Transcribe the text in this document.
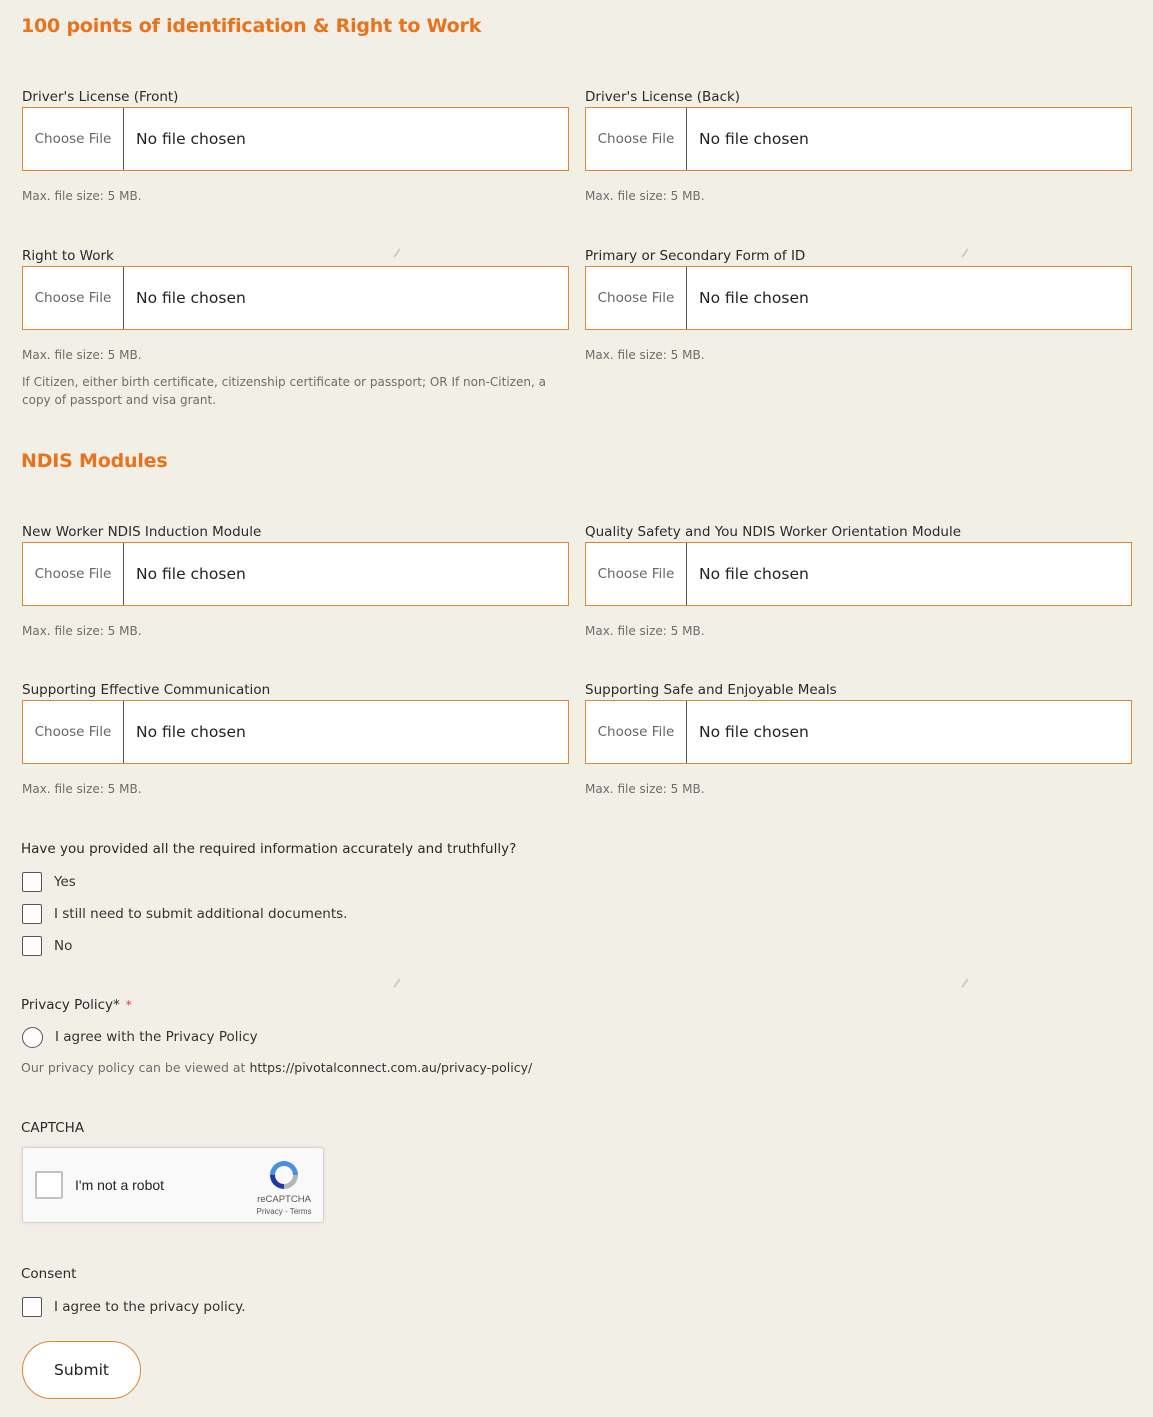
100 points of identification & Right to Work
Driver's License (Front)
Choose File	No file chosen
Max. file size: 5 MB.
Driver's License (Back)
Choose File	No file chosen
Max. file size: 5 MB.
Right to Work
Choose File	No file chosen
Max. file size: 5 MB.
If Citizen, either birth certificate, citizenship certificate or passport; OR If non-Citizen, a copy of passport and visa grant.
Primary or Secondary Form of ID
Choose File	No file chosen
Max. file size: 5 MB.
NDIS Modules
New Worker NDIS Induction Module
Choose File	No file chosen
Max. file size: 5 MB.
Quality Safety and You NDIS Worker Orientation Module
Choose File	No file chosen
Max. file size: 5 MB.
Supporting Effective Communication
Choose File	No file chosen
Max. file size: 5 MB.
Supporting Safe and Enjoyable Meals
Choose File	No file chosen
Max. file size: 5 MB.
Have you provided all the required information accurately and truthfully?
Yes
I still need to submit additional documents.
No
Privacy Policy* *
I agree with the Privacy Policy
Our privacy policy can be viewed at https://pivotalconnect.com.au/privacy-policy/
CAPTCHA
I'm not a robot
reCAPTCHA
Privacy - Terms
Consent
I agree to the privacy policy.
Submit
